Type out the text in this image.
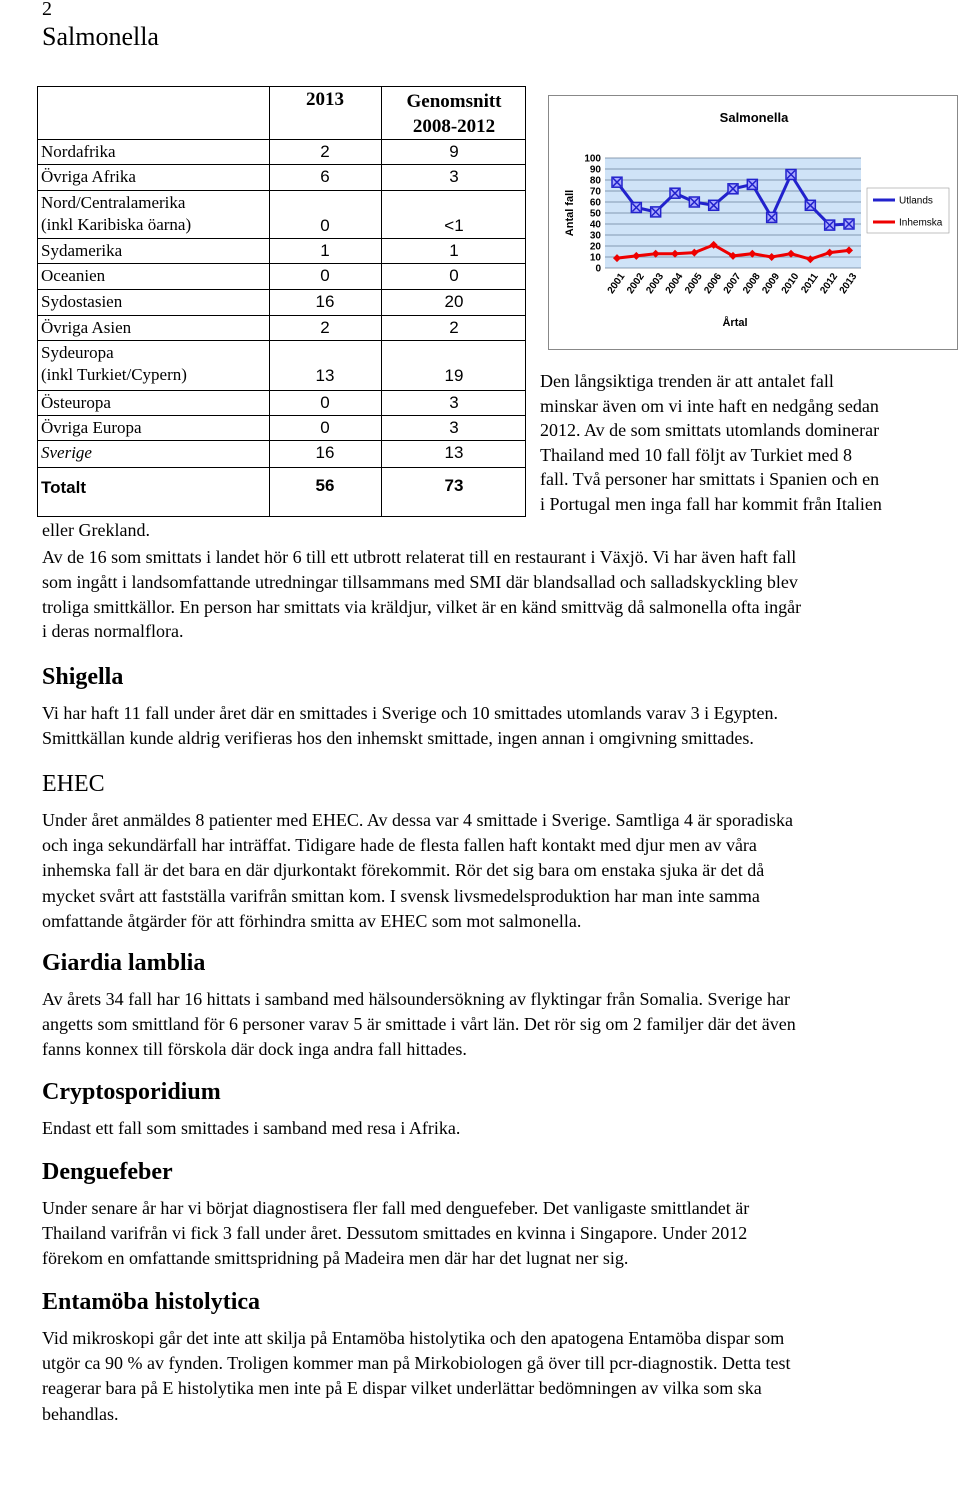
2
Salmonella
2013	Genomsnitt 2008-2012
Nordafrika	2	9
Övriga Afrika	6	3
Nord/Centralamerika
(inkl Karibiska öarna)	0	<1
Sydamerika	1	1
Oceanien	0	0
Sydostasien	16	20
Övriga Asien	2	2
Sydeuropa
(inkl Turkiet/Cypern)	13	19
Östeuropa	0	3
Övriga Europa	0	3
Sverige	16	13
Totalt	56	73
Salmonella
100
90
80
70
60
50
40
30
20
10
0
Antal fall
2001
2002
2003
2004
2005
2006
2007
2008
2009
2010
2011
2012
2013
Årtal
Utlands
Inhemska
Den långsiktiga trenden är att antalet fall
minskar även om vi inte haft en nedgång sedan
2012. Av de som smittats utomlands dominerar
Thailand med 10 fall följt av Turkiet med 8
fall. Två personer har smittats i Spanien och en
i Portugal men inga fall har kommit från Italien
eller Grekland.
Av de 16 som smittats i landet hör 6 till ett utbrott relaterat till en restaurant i Växjö. Vi har även haft fall
som ingått i landsomfattande utredningar tillsammans med SMI där blandsallad och salladskyckling blev
troliga smittkällor. En person har smittats via kräldjur, vilket är en känd smittväg då salmonella ofta ingår
i deras normalflora.
Shigella
Vi har haft 11 fall under året där en smittades i Sverige och 10 smittades utomlands varav 3 i Egypten.
Smittkällan kunde aldrig verifieras hos den inhemskt smittade, ingen annan i omgivning smittades.
EHEC
Under året anmäldes 8 patienter med EHEC. Av dessa var 4 smittade i Sverige. Samtliga 4 är sporadiska
och inga sekundärfall har inträffat. Tidigare hade de flesta fallen haft kontakt med djur men av våra
inhemska fall är det bara en där djurkontakt förekommit. Rör det sig bara om enstaka sjuka är det då
mycket svårt att fastställa varifrån smittan kom. I svensk livsmedelsproduktion har man inte samma
omfattande åtgärder för att förhindra smitta av EHEC som mot salmonella.
Giardia lamblia
Av årets 34 fall har 16 hittats i samband med hälsoundersökning av flyktingar från Somalia. Sverige har
angetts som smittland för 6 personer varav 5 är smittade i vårt län. Det rör sig om 2 familjer där det även
fanns konnex till förskola där dock inga andra fall hittades.
Cryptosporidium
Endast ett fall som smittades i samband med resa i Afrika.
Denguefeber
Under senare år har vi börjat diagnostisera fler fall med denguefeber. Det vanligaste smittlandet är
Thailand varifrån vi fick 3 fall under året. Dessutom smittades en kvinna i Singapore. Under 2012
förekom en omfattande smittspridning på Madeira men där har det lugnat ner sig.
Entamöba histolytica
Vid mikroskopi går det inte att skilja på Entamöba histolytika och den apatogena Entamöba dispar som
utgör ca 90 % av fynden. Troligen kommer man på Mirkobiologen gå över till pcr-diagnostik. Detta test
reagerar bara på E histolytika men inte på E dispar vilket underlättar bedömningen av vilka som ska
behandlas.
